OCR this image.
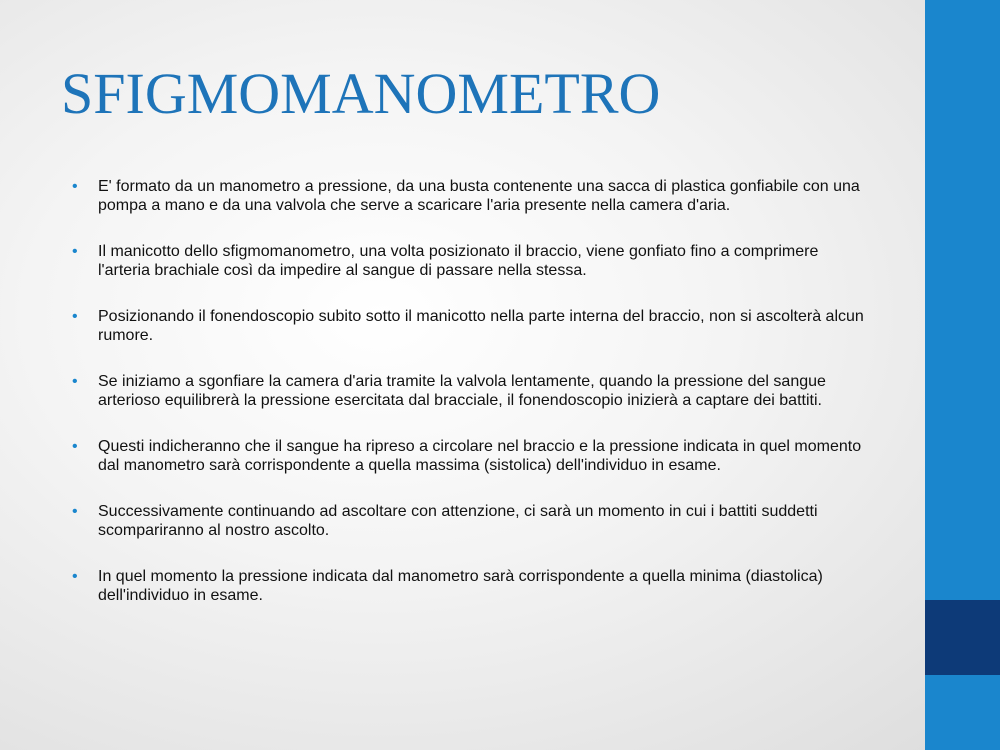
SFIGMOMANOMETRO
• E' formato da un manometro a pressione, da una busta contenente una sacca di plastica gonfiabile con una pompa a mano e da una valvola che serve a scaricare l'aria presente nella camera d'aria.
• Il manicotto dello sfigmomanometro, una volta posizionato il braccio, viene gonfiato fino a comprimere l'arteria brachiale così da impedire al sangue di passare nella stessa.
• Posizionando il fonendoscopio subito sotto il manicotto nella parte interna del braccio, non si ascolterà alcun rumore.
• Se iniziamo a sgonfiare la camera d'aria tramite la valvola lentamente, quando la pressione del sangue arterioso equilibrerà la pressione esercitata dal bracciale, il fonendoscopio inizierà a captare dei battiti.
• Questi indicheranno che il sangue ha ripreso a circolare nel braccio e la pressione indicata in quel momento dal manometro sarà corrispondente a quella massima (sistolica) dell'individuo in esame.
• Successivamente continuando ad ascoltare con attenzione, ci sarà un momento in cui i battiti suddetti scompariranno al nostro ascolto.
• In quel momento la pressione indicata dal manometro sarà corrispondente a quella minima (diastolica) dell'individuo in esame.
